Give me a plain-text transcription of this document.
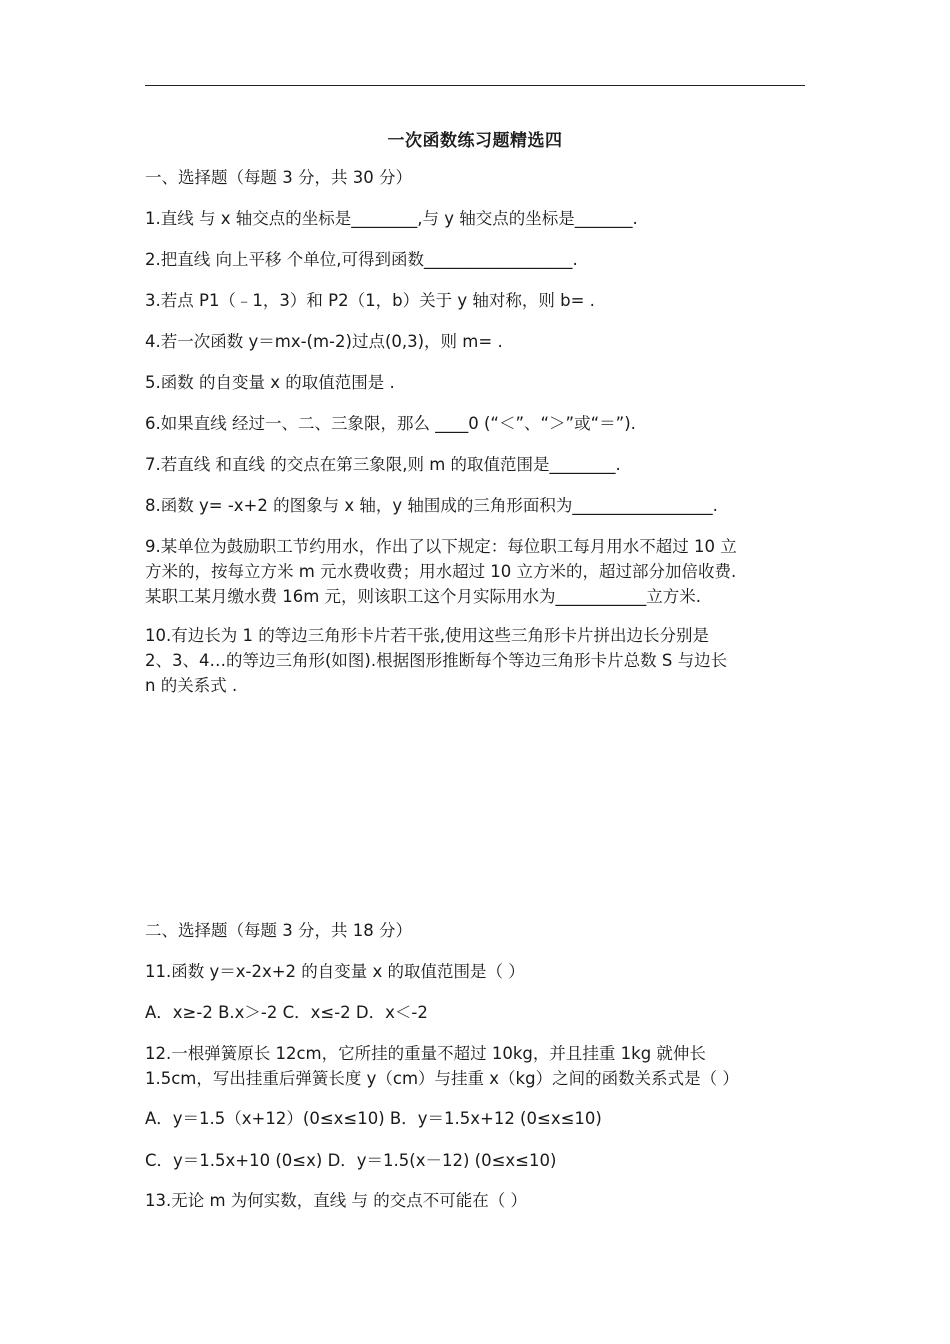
一次函数练习题精选四
一、选择题（每题 3 分，共 30 分）
1.直线 与 x 轴交点的坐标是________,与 y 轴交点的坐标是_______.
2.把直线 向上平移 个单位,可得到函数__________________.
3.若点 P1（﹣1，3）和 P2（1，b）关于 y 轴对称，则 b= .
4.若一次函数 y＝mx-(m-2)过点(0,3)，则 m= .
5.函数 的自变量 x 的取值范围是 .
6.如果直线 经过一、二、三象限，那么 ____0 (“＜”、“＞”或“＝”).
7.若直线 和直线 的交点在第三象限,则 m 的取值范围是________.
8.函数 y= -x+2 的图象与 x 轴，y 轴围成的三角形面积为_________________.
9.某单位为鼓励职工节约用水，作出了以下规定：每位职工每月用水不超过 10 立
方米的，按每立方米 m 元水费收费；用水超过 10 立方米的，超过部分加倍收费.
某职工某月缴水费 16m 元，则该职工这个月实际用水为___________立方米.
10.有边长为 1 的等边三角形卡片若干张,使用这些三角形卡片拼出边长分别是
2、3、4…的等边三角形(如图).根据图形推断每个等边三角形卡片总数 S 与边长
n 的关系式 .
二、选择题（每题 3 分，共 18 分）
11.函数 y＝x-2x+2 的自变量 x 的取值范围是（ ）
A．x≥-2 B.x＞-2 C．x≤-2 D．x＜-2
12.一根弹簧原长 12cm，它所挂的重量不超过 10kg，并且挂重 1kg 就伸长
1.5cm，写出挂重后弹簧长度 y（cm）与挂重 x（kg）之间的函数关系式是（ ）
A．y＝1.5（x+12）(0≤x≤10) B．y＝1.5x+12 (0≤x≤10)
C．y＝1.5x+10 (0≤x) D．y＝1.5(x－12) (0≤x≤10)
13.无论 m 为何实数，直线 与 的交点不可能在（ ）
